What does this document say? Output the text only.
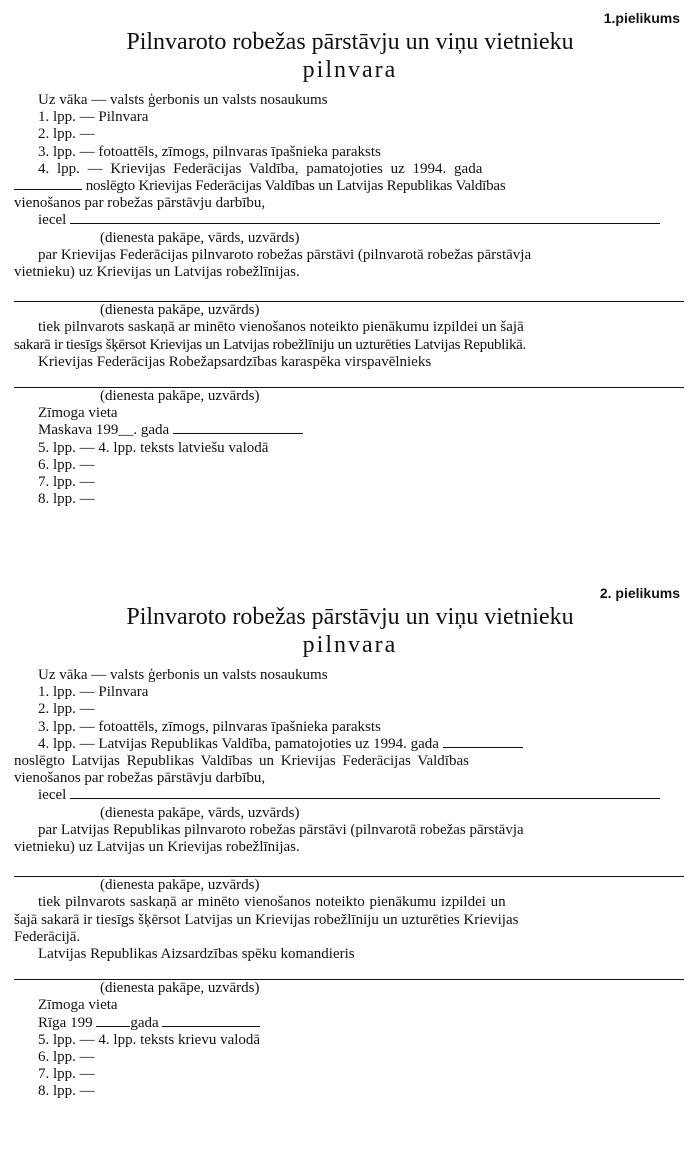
1.pielikums
Pilnvaroto robežas pārstāvju un viņu vietnieku
pilnvara
Uz vāka — valsts ģerbonis un valsts nosaukums
1. lpp. — Pilnvara
2. lpp. —
3. lpp. — fotoattēls, zīmogs, pilnvaras īpašnieka paraksts
4. lpp. — Krievijas Federācijas Valdība, pamatojoties uz 1994. gada
noslēgto Krievijas Federācijas Valdības un Latvijas Republikas Valdības
vienošanos par robežas pārstāvju darbību,
iecel
(dienesta pakāpe, vārds, uzvārds)
par Krievijas Federācijas pilnvaroto robežas pārstāvi (pilnvarotā robežas pārstāvja
vietnieku) uz Krievijas un Latvijas robežlīnijas.
(dienesta pakāpe, uzvārds)
tiek pilnvarots saskaņā ar minēto vienošanos noteikto pienākumu izpildei un šajā
sakarā ir tiesīgs šķērsot Krievijas un Latvijas robežlīniju un uzturēties Latvijas Republikā.
Krievijas Federācijas Robežapsardzības karaspēka virspavēlnieks
(dienesta pakāpe, uzvārds)
Zīmoga vieta
Maskava 199__. gada
5. lpp. — 4. lpp. teksts latviešu valodā
6. lpp. —
7. lpp. —
8. lpp. —
2. pielikums
Pilnvaroto robežas pārstāvju un viņu vietnieku
pilnvara
Uz vāka — valsts ģerbonis un valsts nosaukums
1. lpp. — Pilnvara
2. lpp. —
3. lpp. — fotoattēls, zīmogs, pilnvaras īpašnieka paraksts
4. lpp. — Latvijas Republikas Valdība, pamatojoties uz 1994. gada
noslēgto Latvijas Republikas Valdības un Krievijas Federācijas Valdības
vienošanos par robežas pārstāvju darbību,
iecel
(dienesta pakāpe, vārds, uzvārds)
par Latvijas Republikas pilnvaroto robežas pārstāvi (pilnvarotā robežas pārstāvja
vietnieku) uz Latvijas un Krievijas robežlīnijas.
(dienesta pakāpe, uzvārds)
tiek pilnvarots saskaņā ar minēto vienošanos noteikto pienākumu izpildei un
šajā sakarā ir tiesīgs šķērsot Latvijas un Krievijas robežlīniju un uzturēties Krievijas
Federācijā.
Latvijas Republikas Aizsardzības spēku komandieris
(dienesta pakāpe, uzvārds)
Zīmoga vieta
Rīga 199	gada
5. lpp. — 4. lpp. teksts krievu valodā
6. lpp. —
7. lpp. —
8. lpp. —
